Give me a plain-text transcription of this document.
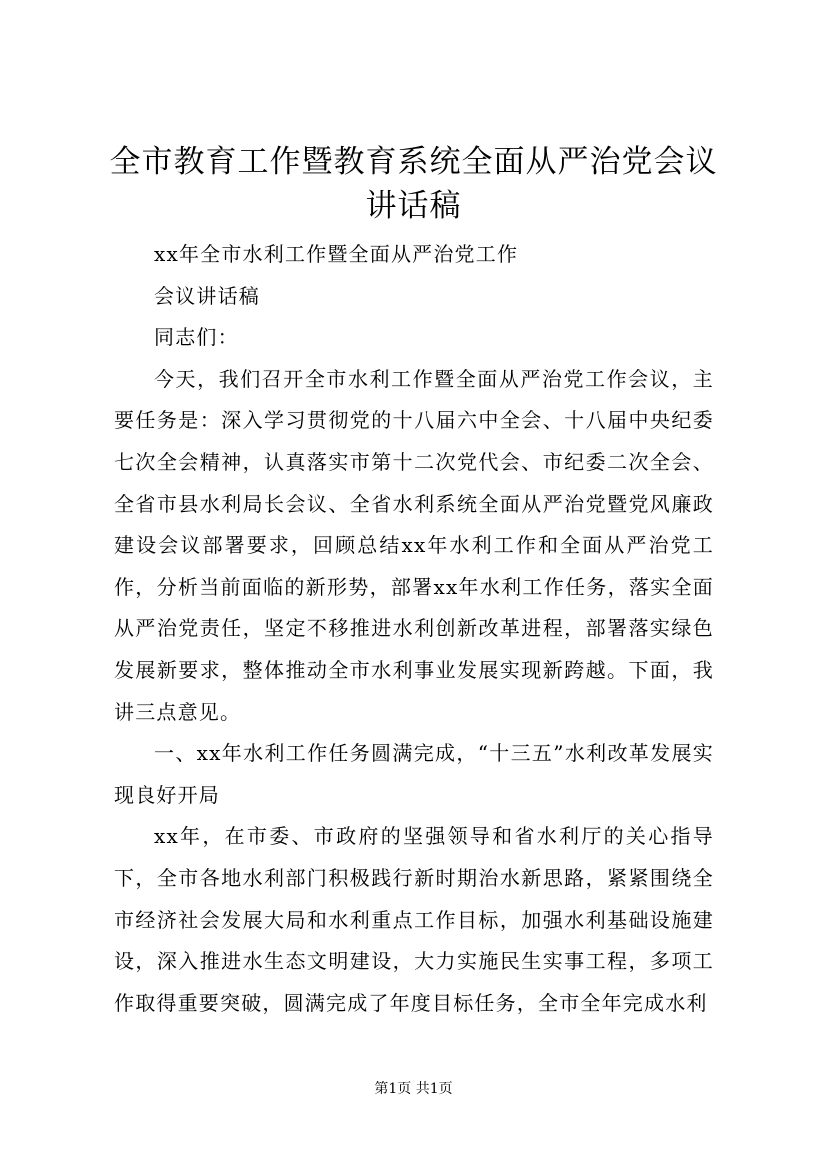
全市教育工作暨教育系统全面从严治党会议讲话稿

xx年全市水利工作暨全面从严治党工作

会议讲话稿

同志们：

今天，我们召开全市水利工作暨全面从严治党工作会议，主要任务是：深入学习贯彻党的十八届六中全会、十八届中央纪委七次全会精神，认真落实市第十二次党代会、市纪委二次全会、全省市县水利局长会议、全省水利系统全面从严治党暨党风廉政建设会议部署要求，回顾总结xx年水利工作和全面从严治党工作，分析当前面临的新形势，部署xx年水利工作任务，落实全面从严治党责任，坚定不移推进水利创新改革进程，部署落实绿色发展新要求，整体推动全市水利事业发展实现新跨越。下面，我讲三点意见。

一、xx年水利工作任务圆满完成，“十三五”水利改革发展实现良好开局

xx年，在市委、市政府的坚强领导和省水利厅的关心指导下，全市各地水利部门积极践行新时期治水新思路，紧紧围绕全市经济社会发展大局和水利重点工作目标，加强水利基础设施建设，深入推进水生态文明建设，大力实施民生实事工程，多项工作取得重要突破，圆满完成了年度目标任务，全市全年完成水利

第1页 共1页
